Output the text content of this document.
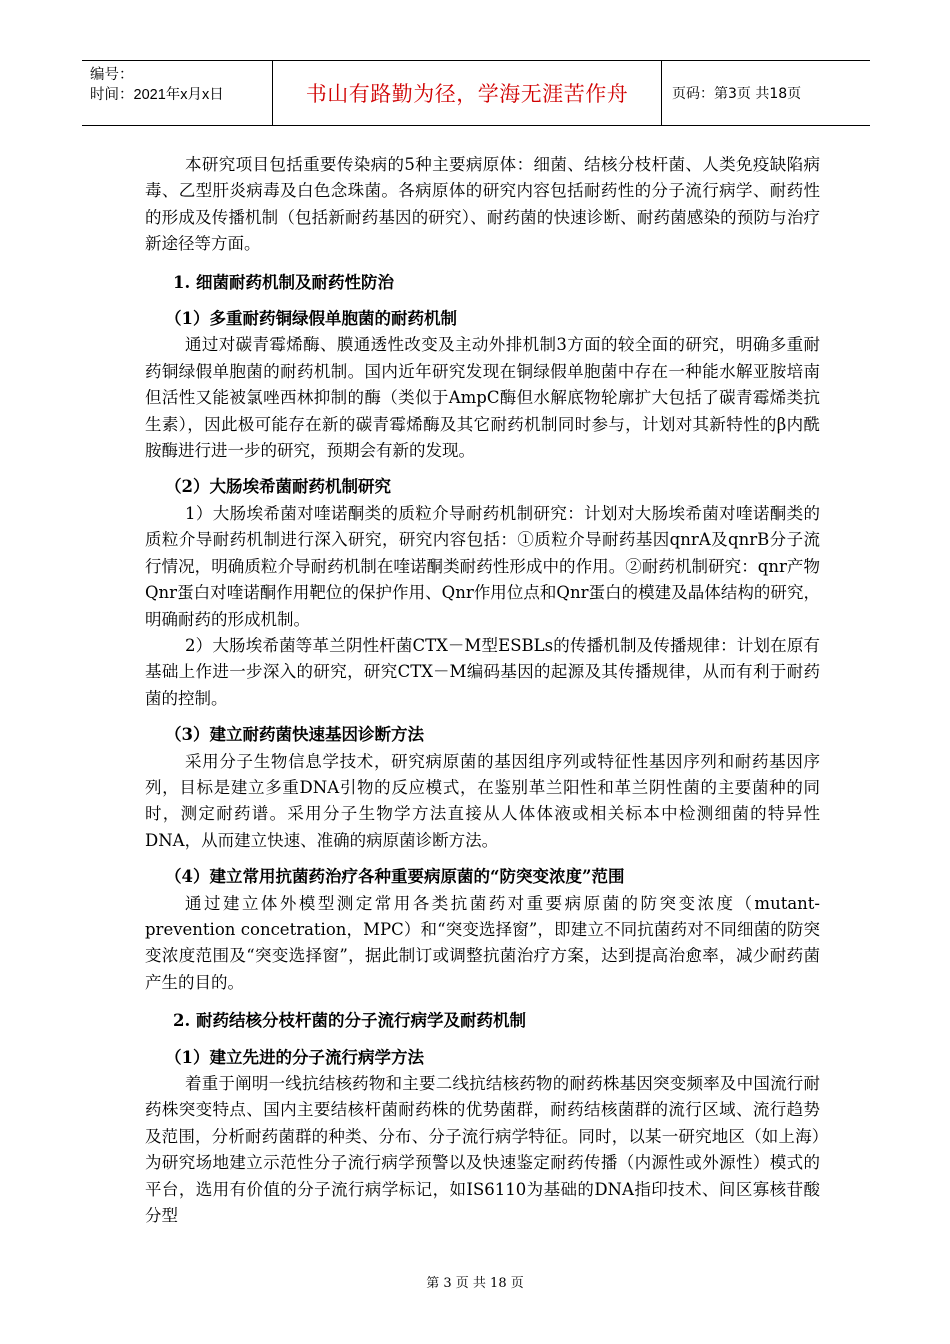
编号：
时间：2021年x月x日	书山有路勤为径，学海无涯苦作舟	页码：第3页 共18页

本研究项目包括重要传染病的5种主要病原体：细菌、结核分枝杆菌、人类免疫缺陷病毒、乙型肝炎病毒及白色念珠菌。各病原体的研究内容包括耐药性的分子流行病学、耐药性的形成及传播机制（包括新耐药基因的研究）、耐药菌的快速诊断、耐药菌感染的预防与治疗新途径等方面。

1. 细菌耐药机制及耐药性防治
（1）多重耐药铜绿假单胞菌的耐药机制

通过对碳青霉烯酶、膜通透性改变及主动外排机制3方面的较全面的研究，明确多重耐药铜绿假单胞菌的耐药机制。国内近年研究发现在铜绿假单胞菌中存在一种能水解亚胺培南但活性又能被氯唑西林抑制的酶（类似于AmpC酶但水解底物轮廓扩大包括了碳青霉烯类抗生素），因此极可能存在新的碳青霉烯酶及其它耐药机制同时参与，计划对其新特性的β内酰胺酶进行进一步的研究，预期会有新的发现。

（2）大肠埃希菌耐药机制研究

1）大肠埃希菌对喹诺酮类的质粒介导耐药机制研究：计划对大肠埃希菌对喹诺酮类的质粒介导耐药机制进行深入研究，研究内容包括：①质粒介导耐药基因qnrA及qnrB分子流行情况，明确质粒介导耐药机制在喹诺酮类耐药性形成中的作用。②耐药机制研究：qnr产物Qnr蛋白对喹诺酮作用靶位的保护作用、Qnr作用位点和Qnr蛋白的模建及晶体结构的研究，明确耐药的形成机制。

2）大肠埃希菌等革兰阴性杆菌CTX－M型ESBLs的传播机制及传播规律：计划在原有基础上作进一步深入的研究，研究CTX－M编码基因的起源及其传播规律，从而有利于耐药菌的控制。

（3）建立耐药菌快速基因诊断方法

采用分子生物信息学技术，研究病原菌的基因组序列或特征性基因序列和耐药基因序列，目标是建立多重DNA引物的反应模式，在鉴别革兰阳性和革兰阴性菌的主要菌种的同时，测定耐药谱。采用分子生物学方法直接从人体体液或相关标本中检测细菌的特异性DNA，从而建立快速、准确的病原菌诊断方法。

（4）建立常用抗菌药治疗各种重要病原菌的“防突变浓度”范围

通过建立体外模型测定常用各类抗菌药对重要病原菌的防突变浓度（mutant-prevention concetration，MPC）和“突变选择窗”，即建立不同抗菌药对不同细菌的防突变浓度范围及“突变选择窗”，据此制订或调整抗菌治疗方案，达到提高治愈率，减少耐药菌产生的目的。

2. 耐药结核分枝杆菌的分子流行病学及耐药机制
（1）建立先进的分子流行病学方法

着重于阐明一线抗结核药物和主要二线抗结核药物的耐药株基因突变频率及中国流行耐药株突变特点、国内主要结核杆菌耐药株的优势菌群，耐药结核菌群的流行区域、流行趋势及范围，分析耐药菌群的种类、分布、分子流行病学特征。同时，以某一研究地区（如上海）为研究场地建立示范性分子流行病学预警以及快速鉴定耐药传播（内源性或外源性）模式的平台，选用有价值的分子流行病学标记，如IS6110为基础的DNA指印技术、间区寡核苷酸分型

第 3 页 共 18 页
